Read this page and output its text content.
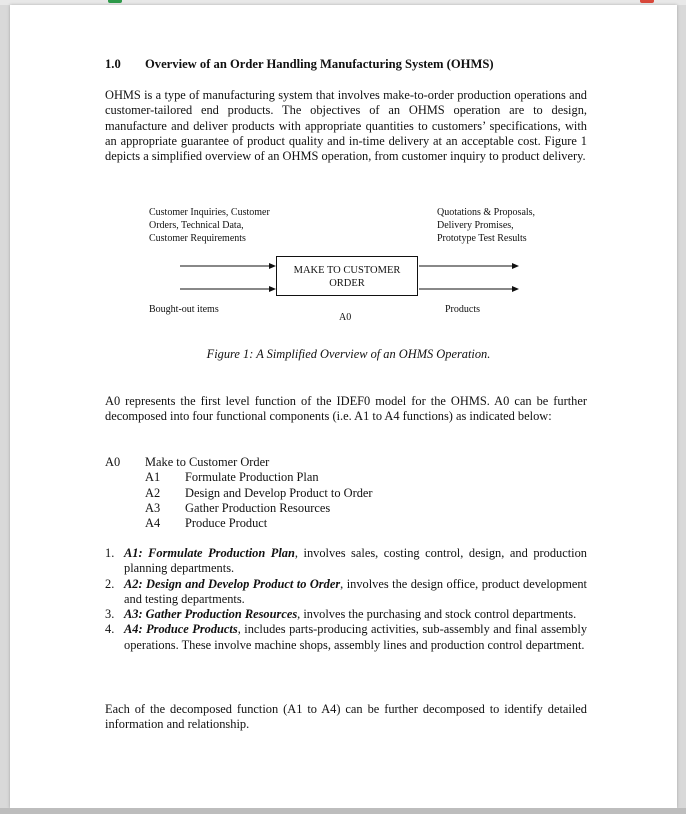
1.0	Overview of an Order Handling Manufacturing System (OHMS)

OHMS is a type of manufacturing system that involves make-to-order production operations and customer-tailored end products. The objectives of an OHMS operation are to design, manufacture and deliver products with appropriate quantities to customers’ specifications, with an appropriate guarantee of product quality and in-time delivery at an acceptable cost. Figure 1 depicts a simplified overview of an OHMS operation, from customer inquiry to product delivery.

Customer Inquiries, Customer
Orders, Technical Data,
Customer Requirements
Quotations & Proposals,
Delivery Promises,
Prototype Test Results
MAKE TO CUSTOMER
ORDER
Bought-out items	Products
A0
Figure 1: A Simplified Overview of an OHMS Operation.

A0 represents the first level function of the IDEF0 model for the OHMS. A0 can be further decomposed into four functional components (i.e. A1 to A4 functions) as indicated below:

A0	Make to Customer Order
A1	Formulate Production Plan
A2	Design and Develop Product to Order
A3	Gather Production Resources
A4	Produce Product
1. A1: Formulate Production Plan, involves sales, costing control, design, and production planning departments.
2. A2: Design and Develop Product to Order, involves the design office, product development and testing departments.
3. A3: Gather Production Resources, involves the purchasing and stock control departments.
4. A4: Produce Products, includes parts-producing activities, sub-assembly and final assembly operations. These involve machine shops, assembly lines and production control department.

Each of the decomposed function (A1 to A4) can be further decomposed to identify detailed information and relationship.
